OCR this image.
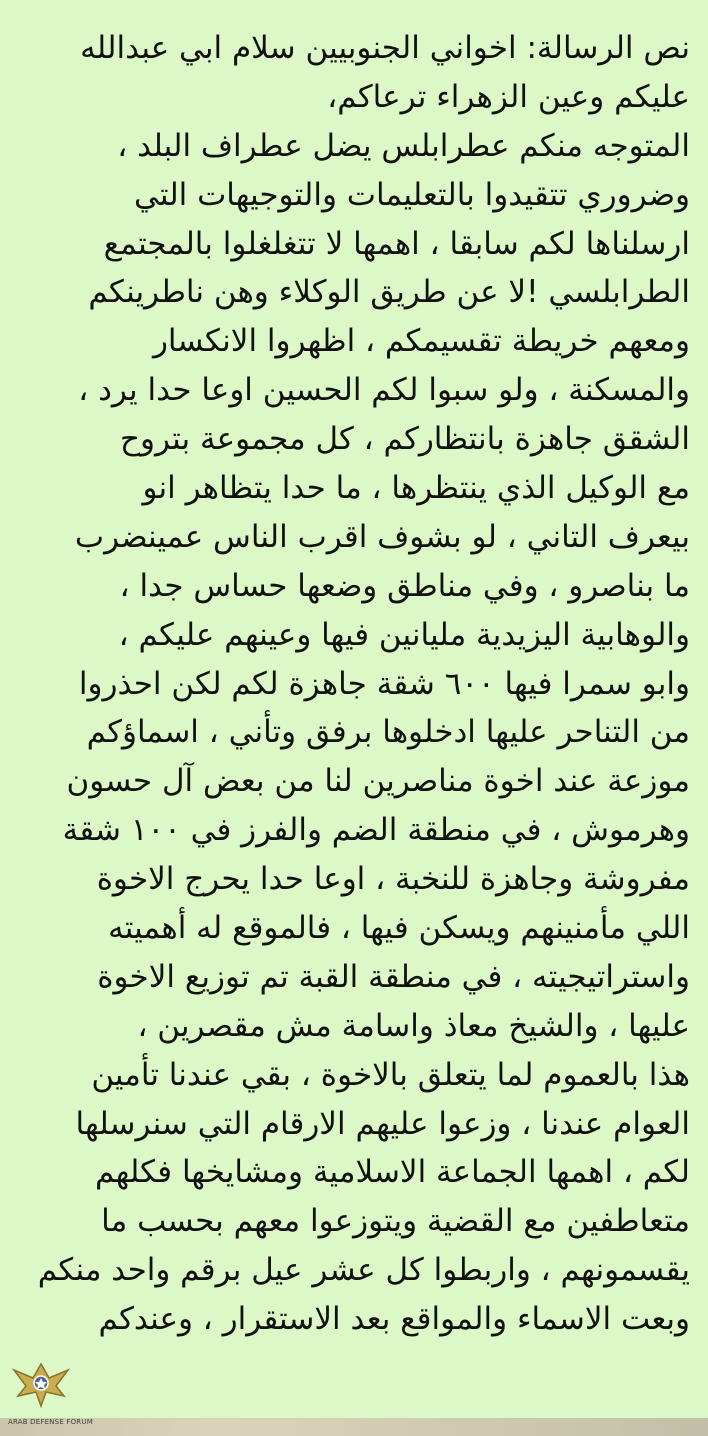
نص الرسالة: اخواني الجنوبيين سلام ابي عبدالله
عليكم وعين الزهراء ترعاكم،
المتوجه منكم عطرابلس يضل عطراف البلد ،
وضروري تتقيدوا بالتعليمات والتوجيهات التي
ارسلناها لكم سابقا ، اهمها لا تتغلغلوا بالمجتمع
الطرابلسي !لا عن طريق الوكلاء وهن ناطرينكم
ومعهم خريطة تقسيمكم ، اظهروا الانكسار
والمسكنة ، ولو سبوا لكم الحسين اوعا حدا يرد ،
الشقق جاهزة بانتظاركم ، كل مجموعة بتروح
مع الوكيل الذي ينتظرها ، ما حدا يتظاهر انو
بيعرف التاني ، لو بشوف اقرب الناس عمينضرب
ما بناصرو ، وفي مناطق وضعها حساس جدا ،
والوهابية اليزيدية مليانين فيها وعينهم عليكم ،
وابو سمرا فيها ٦٠٠ شقة جاهزة لكم لكن احذروا
من التناحر عليها ادخلوها برفق وتأني ، اسماؤكم
موزعة عند اخوة مناصرين لنا من بعض آل حسون
وهرموش ، في منطقة الضم والفرز في ١٠٠ شقة
مفروشة وجاهزة للنخبة ، اوعا حدا يحرج الاخوة
اللي مأمنينهم ويسكن فيها ، فالموقع له أهميته
واستراتيجيته ، في منطقة القبة تم توزيع الاخوة
عليها ، والشيخ معاذ واسامة مش مقصرين ،
هذا بالعموم لما يتعلق بالاخوة ، بقي عندنا تأمين
العوام عندنا ، وزعوا عليهم الارقام التي سنرسلها
لكم ، اهمها الجماعة الاسلامية ومشايخها فكلهم
متعاطفين مع القضية ويتوزعوا معهم بحسب ما
يقسمونهم ، واربطوا كل عشر عيل برقم واحد منكم
وبعت الاسماء والمواقع بعد الاستقرار ، وعندكم
ARAB DEFENSE FORUM
